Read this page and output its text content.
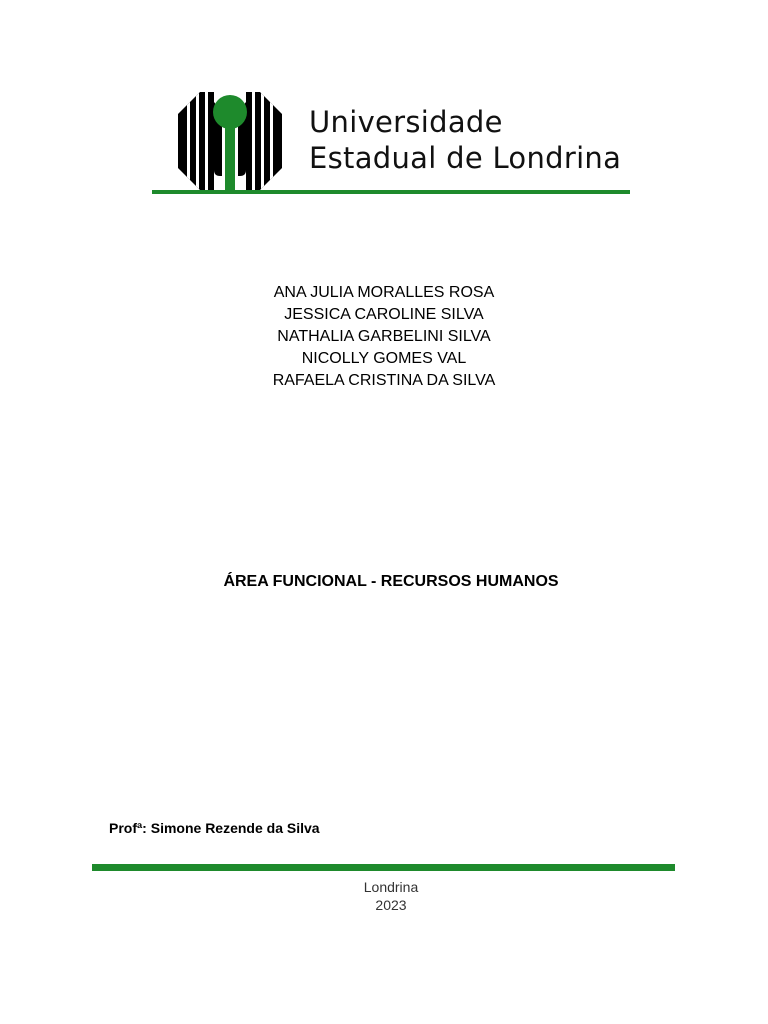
Universidade
Estadual de Londrina
ANA JULIA MORALLES ROSA
JESSICA CAROLINE SILVA
NATHALIA GARBELINI SILVA
NICOLLY GOMES VAL
RAFAELA CRISTINA DA SILVA
ÁREA FUNCIONAL - RECURSOS HUMANOS
Profª: Simone Rezende da Silva
Londrina
2023
